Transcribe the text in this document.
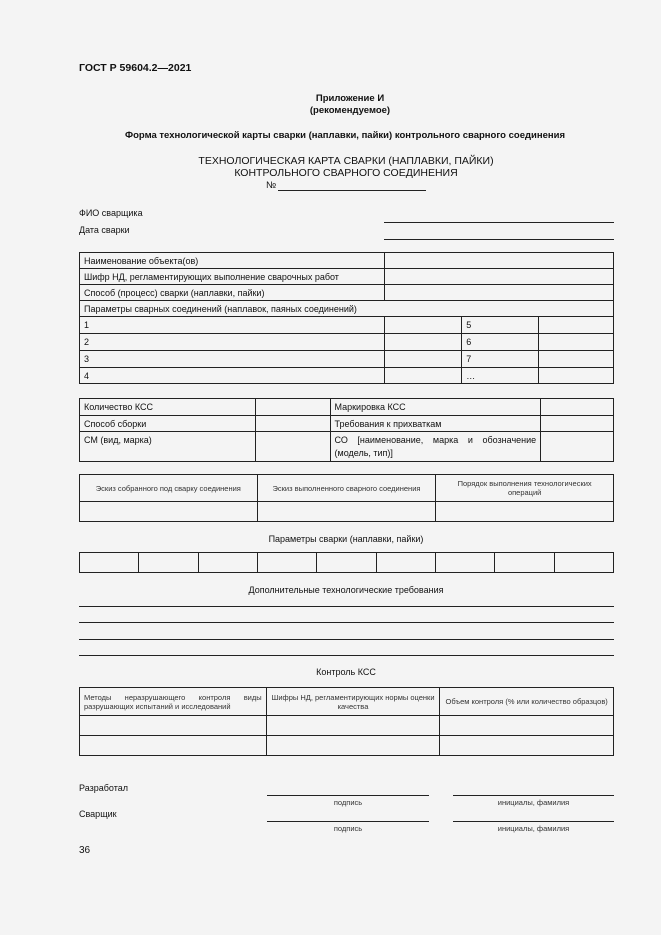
ГОСТ Р 59604.2—2021
Приложение И
(рекомендуемое)
Форма технологической карты сварки (наплавки, пайки) контрольного сварного соединения
ТЕХНОЛОГИЧЕСКАЯ КАРТА СВАРКИ (НАПЛАВКИ, ПАЙКИ)
КОНТРОЛЬНОГО СВАРНОГО СОЕДИНЕНИЯ
№
ФИО сварщика
Дата сварки
Наименование объекта(ов)			
Шифр НД, регламентирующих выполнение сварочных работ			
Способ (процесс) сварки (наплавки, пайки)			
Параметры сварных соединений (наплавок, паяных соединений)			
1		5	
2		6	
3		7	
4		…	
Количество КСС		Маркировка КСС	
Способ сборки		Требования к прихваткам	
СМ (вид, марка)		СО [наименование, марка и обозначение (модель, тип)]	
Эскиз собранного под сварку соединения	Эскиз выполненного сварного соединения	Порядок выполнения технологических операций

Параметры сварки (наплавки, пайки)

Дополнительные технологические требования
Контроль КСС
Методы неразрушающего контроля виды разрушающих испытаний и исследований	Шифры НД, регламентирующих нормы оценки качества	Объем контроля (% или количество образцов)

Разработал
подпись	инициалы, фамилия
Сварщик
подпись	инициалы, фамилия
36
